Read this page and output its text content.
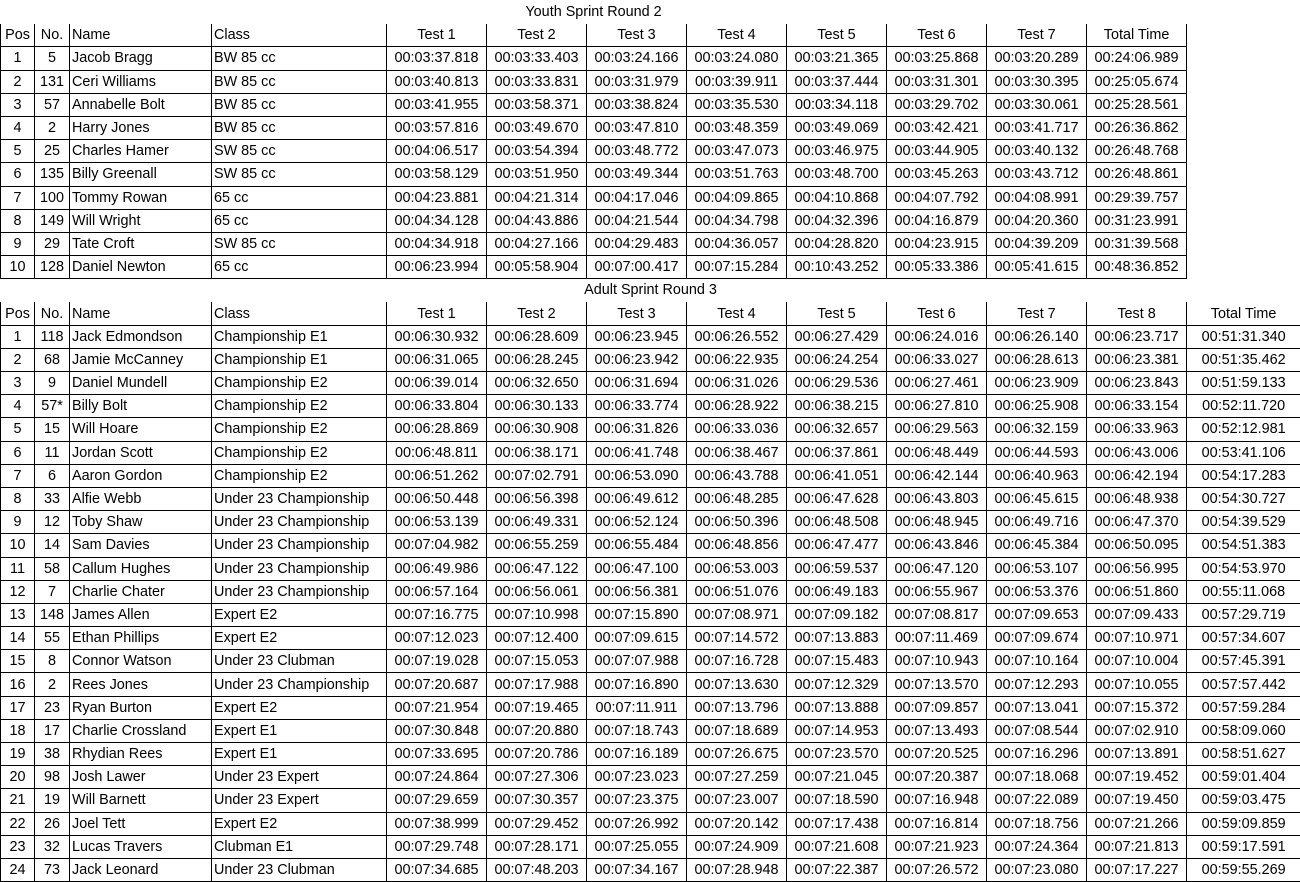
Youth Sprint Round 2												
Pos	No.	Name	Class	Test 1	Test 2	Test 3	Test 4	Test 5	Test 6	Test 7	Total Time	
1	5	Jacob Bragg	BW 85 cc	00:03:37.818	00:03:33.403	00:03:24.166	00:03:24.080	00:03:21.365	00:03:25.868	00:03:20.289	00:24:06.989	
2	131	Ceri Williams	BW 85 cc	00:03:40.813	00:03:33.831	00:03:31.979	00:03:39.911	00:03:37.444	00:03:31.301	00:03:30.395	00:25:05.674	
3	57	Annabelle Bolt	BW 85 cc	00:03:41.955	00:03:58.371	00:03:38.824	00:03:35.530	00:03:34.118	00:03:29.702	00:03:30.061	00:25:28.561	
4	2	Harry Jones	BW 85 cc	00:03:57.816	00:03:49.670	00:03:47.810	00:03:48.359	00:03:49.069	00:03:42.421	00:03:41.717	00:26:36.862	
5	25	Charles Hamer	SW 85 cc	00:04:06.517	00:03:54.394	00:03:48.772	00:03:47.073	00:03:46.975	00:03:44.905	00:03:40.132	00:26:48.768	
6	135	Billy Greenall	SW 85 cc	00:03:58.129	00:03:51.950	00:03:49.344	00:03:51.763	00:03:48.700	00:03:45.263	00:03:43.712	00:26:48.861	
7	100	Tommy Rowan	65 cc	00:04:23.881	00:04:21.314	00:04:17.046	00:04:09.865	00:04:10.868	00:04:07.792	00:04:08.991	00:29:39.757	
8	149	Will Wright	65 cc	00:04:34.128	00:04:43.886	00:04:21.544	00:04:34.798	00:04:32.396	00:04:16.879	00:04:20.360	00:31:23.991	
9	29	Tate Croft	SW 85 cc	00:04:34.918	00:04:27.166	00:04:29.483	00:04:36.057	00:04:28.820	00:04:23.915	00:04:39.209	00:31:39.568	
10	128	Daniel Newton	65 cc	00:06:23.994	00:05:58.904	00:07:00.417	00:07:15.284	00:10:43.252	00:05:33.386	00:05:41.615	00:48:36.852	
Adult Sprint Round 3												
Pos	No.	Name	Class	Test 1	Test 2	Test 3	Test 4	Test 5	Test 6	Test 7	Test 8	Total Time
1	118	Jack Edmondson	Championship E1	00:06:30.932	00:06:28.609	00:06:23.945	00:06:26.552	00:06:27.429	00:06:24.016	00:06:26.140	00:06:23.717	00:51:31.340
2	68	Jamie McCanney	Championship E1	00:06:31.065	00:06:28.245	00:06:23.942	00:06:22.935	00:06:24.254	00:06:33.027	00:06:28.613	00:06:23.381	00:51:35.462
3	9	Daniel Mundell	Championship E2	00:06:39.014	00:06:32.650	00:06:31.694	00:06:31.026	00:06:29.536	00:06:27.461	00:06:23.909	00:06:23.843	00:51:59.133
4	57*	Billy Bolt	Championship E2	00:06:33.804	00:06:30.133	00:06:33.774	00:06:28.922	00:06:38.215	00:06:27.810	00:06:25.908	00:06:33.154	00:52:11.720
5	15	Will Hoare	Championship E2	00:06:28.869	00:06:30.908	00:06:31.826	00:06:33.036	00:06:32.657	00:06:29.563	00:06:32.159	00:06:33.963	00:52:12.981
6	11	Jordan Scott	Championship E2	00:06:48.811	00:06:38.171	00:06:41.748	00:06:38.467	00:06:37.861	00:06:48.449	00:06:44.593	00:06:43.006	00:53:41.106
7	6	Aaron Gordon	Championship E2	00:06:51.262	00:07:02.791	00:06:53.090	00:06:43.788	00:06:41.051	00:06:42.144	00:06:40.963	00:06:42.194	00:54:17.283
8	33	Alfie Webb	Under 23 Championship	00:06:50.448	00:06:56.398	00:06:49.612	00:06:48.285	00:06:47.628	00:06:43.803	00:06:45.615	00:06:48.938	00:54:30.727
9	12	Toby Shaw	Under 23 Championship	00:06:53.139	00:06:49.331	00:06:52.124	00:06:50.396	00:06:48.508	00:06:48.945	00:06:49.716	00:06:47.370	00:54:39.529
10	14	Sam Davies	Under 23 Championship	00:07:04.982	00:06:55.259	00:06:55.484	00:06:48.856	00:06:47.477	00:06:43.846	00:06:45.384	00:06:50.095	00:54:51.383
11	58	Callum Hughes	Under 23 Championship	00:06:49.986	00:06:47.122	00:06:47.100	00:06:53.003	00:06:59.537	00:06:47.120	00:06:53.107	00:06:56.995	00:54:53.970
12	7	Charlie Chater	Under 23 Championship	00:06:57.164	00:06:56.061	00:06:56.381	00:06:51.076	00:06:49.183	00:06:55.967	00:06:53.376	00:06:51.860	00:55:11.068
13	148	James Allen	Expert E2	00:07:16.775	00:07:10.998	00:07:15.890	00:07:08.971	00:07:09.182	00:07:08.817	00:07:09.653	00:07:09.433	00:57:29.719
14	55	Ethan Phillips	Expert E2	00:07:12.023	00:07:12.400	00:07:09.615	00:07:14.572	00:07:13.883	00:07:11.469	00:07:09.674	00:07:10.971	00:57:34.607
15	8	Connor Watson	Under 23 Clubman	00:07:19.028	00:07:15.053	00:07:07.988	00:07:16.728	00:07:15.483	00:07:10.943	00:07:10.164	00:07:10.004	00:57:45.391
16	2	Rees Jones	Under 23 Championship	00:07:20.687	00:07:17.988	00:07:16.890	00:07:13.630	00:07:12.329	00:07:13.570	00:07:12.293	00:07:10.055	00:57:57.442
17	23	Ryan Burton	Expert E2	00:07:21.954	00:07:19.465	00:07:11.911	00:07:13.796	00:07:13.888	00:07:09.857	00:07:13.041	00:07:15.372	00:57:59.284
18	17	Charlie Crossland	Expert E1	00:07:30.848	00:07:20.880	00:07:18.743	00:07:18.689	00:07:14.953	00:07:13.493	00:07:08.544	00:07:02.910	00:58:09.060
19	38	Rhydian Rees	Expert E1	00:07:33.695	00:07:20.786	00:07:16.189	00:07:26.675	00:07:23.570	00:07:20.525	00:07:16.296	00:07:13.891	00:58:51.627
20	98	Josh Lawer	Under 23 Expert	00:07:24.864	00:07:27.306	00:07:23.023	00:07:27.259	00:07:21.045	00:07:20.387	00:07:18.068	00:07:19.452	00:59:01.404
21	19	Will Barnett	Under 23 Expert	00:07:29.659	00:07:30.357	00:07:23.375	00:07:23.007	00:07:18.590	00:07:16.948	00:07:22.089	00:07:19.450	00:59:03.475
22	26	Joel Tett	Expert E2	00:07:38.999	00:07:29.452	00:07:26.992	00:07:20.142	00:07:17.438	00:07:16.814	00:07:18.756	00:07:21.266	00:59:09.859
23	32	Lucas Travers	Clubman E1	00:07:29.748	00:07:28.171	00:07:25.055	00:07:24.909	00:07:21.608	00:07:21.923	00:07:24.364	00:07:21.813	00:59:17.591
24	73	Jack Leonard	Under 23 Clubman	00:07:34.685	00:07:48.203	00:07:34.167	00:07:28.948	00:07:22.387	00:07:26.572	00:07:23.080	00:07:17.227	00:59:55.269
